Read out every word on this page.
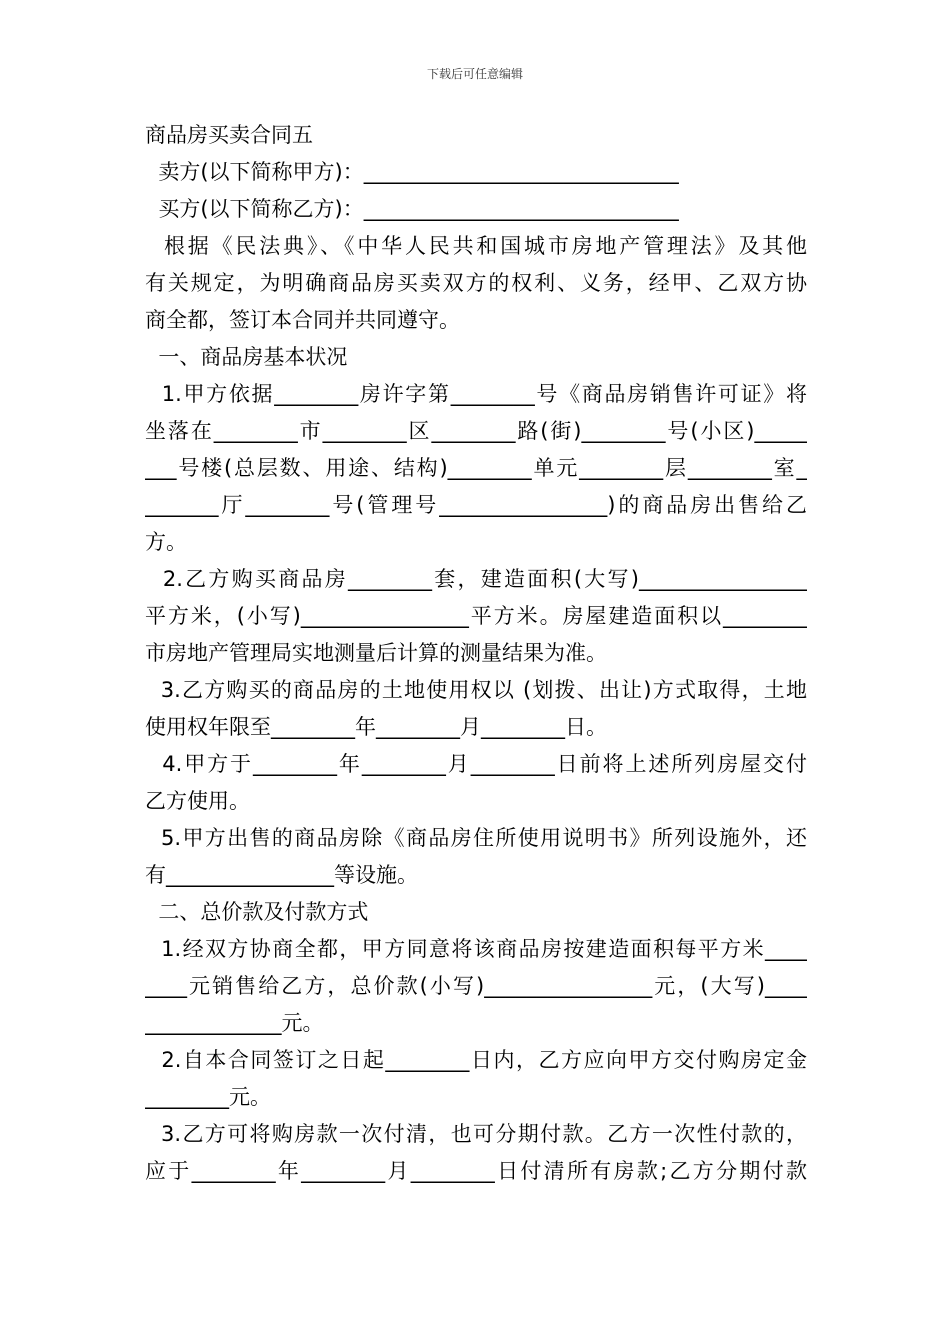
下载后可任意编辑
商品房买卖合同五
卖方(以下简称甲方)：______________________________
买方(以下简称乙方)：______________________________
根据《民法典》、《中华人民共和国城市房地产管理法》及其他
有关规定，为明确商品房买卖双方的权利、义务，经甲、乙双方协
商全都，签订本合同并共同遵守。
一、商品房基本状况
1.甲方依据________房许字第________号《商品房销售许可证》将
坐落在________市________区________路(街)________号(小区)_____
___号楼(总层数、用途、结构)________单元________层________室_
_______厅________号(管理号________________)的商品房出售给乙
方。
2.乙方购买商品房________套，建造面积(大写)________________
平方米，(小写)________________平方米。房屋建造面积以________
市房地产管理局实地测量后计算的测量结果为准。
3.乙方购买的商品房的土地使用权以 (划拨、出让)方式取得，土地
使用权年限至________年________月________日。
4.甲方于________年________月________日前将上述所列房屋交付
乙方使用。
5.甲方出售的商品房除《商品房住所使用说明书》所列设施外，还
有________________等设施。
二、总价款及付款方式
1.经双方协商全都，甲方同意将该商品房按建造面积每平方米____
____元销售给乙方，总价款(小写)________________元，(大写)____
_____________元。
2.自本合同签订之日起________日内，乙方应向甲方交付购房定金
________元。
3.乙方可将购房款一次付清，也可分期付款。乙方一次性付款的，
应于________年________月________日付清所有房款;乙方分期付款
